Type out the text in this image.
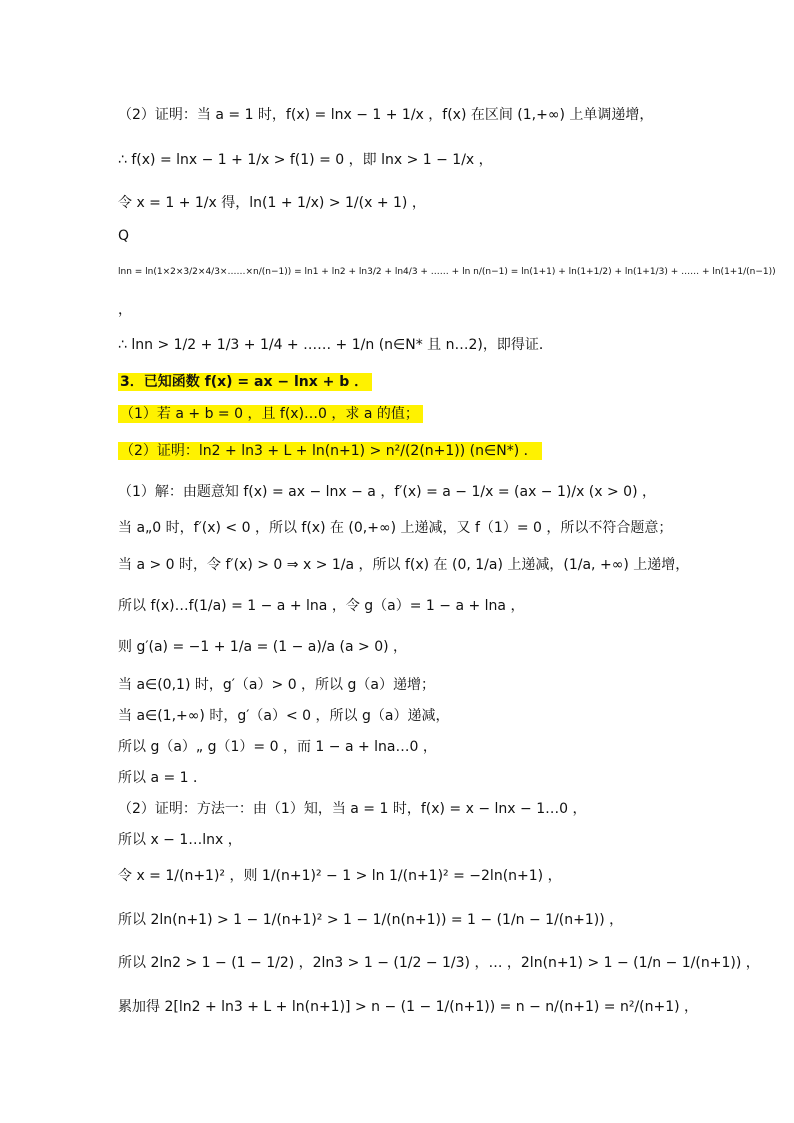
（2）证明：当 a = 1 时，f(x) = lnx − 1 + 1/x ，f(x) 在区间 (1,+∞) 上单调递增，
∴ f(x) = lnx − 1 + 1/x > f(1) = 0 ，即 lnx > 1 − 1/x ，
令 x = 1 + 1/x 得，ln(1 + 1/x) > 1/(x + 1) ，
Q
lnn = ln(1×2×3/2×4/3×……×n/(n−1)) = ln1 + ln2 + ln3/2 + ln4/3 + …… + ln n/(n−1) = ln(1+1) + ln(1+1/2) + ln(1+1/3) + …… + ln(1+1/(n−1))
，
∴ lnn > 1/2 + 1/3 + 1/4 + …… + 1/n (n∈N* 且 n…2)，即得证．
3．已知函数 f(x) = ax − lnx + b ．
（1）若 a + b = 0 ，且 f(x)…0 ，求 a 的值；
（2）证明：ln2 + ln3 + L + ln(n+1) > n²/(2(n+1)) (n∈N*) ．
（1）解：由题意知 f(x) = ax − lnx − a ，f′(x) = a − 1/x = (ax − 1)/x (x > 0) ，
当 a„0 时，f′(x) < 0 ，所以 f(x) 在 (0,+∞) 上递减，又 f（1）= 0 ，所以不符合题意；
当 a > 0 时，令 f′(x) > 0 ⇒ x > 1/a ，所以 f(x) 在 (0, 1/a) 上递减，(1/a, +∞) 上递增，
所以 f(x)…f(1/a) = 1 − a + lna ，令 g（a）= 1 − a + lna ，
则 g′(a) = −1 + 1/a = (1 − a)/a (a > 0) ，
当 a∈(0,1) 时，g′（a）> 0 ，所以 g（a）递增；
当 a∈(1,+∞) 时，g′（a）< 0 ，所以 g（a）递减，
所以 g（a）„ g（1）= 0 ，而 1 − a + lna…0 ，
所以 a = 1 ．
（2）证明：方法一：由（1）知，当 a = 1 时，f(x) = x − lnx − 1…0 ，
所以 x − 1…lnx ，
令 x = 1/(n+1)² ，则 1/(n+1)² − 1 > ln 1/(n+1)² = −2ln(n+1) ，
所以 2ln(n+1) > 1 − 1/(n+1)² > 1 − 1/(n(n+1)) = 1 − (1/n − 1/(n+1)) ，
所以 2ln2 > 1 − (1 − 1/2) ，2ln3 > 1 − (1/2 − 1/3) ，… ，2ln(n+1) > 1 − (1/n − 1/(n+1)) ，
累加得 2[ln2 + ln3 + L + ln(n+1)] > n − (1 − 1/(n+1)) = n − n/(n+1) = n²/(n+1) ，
